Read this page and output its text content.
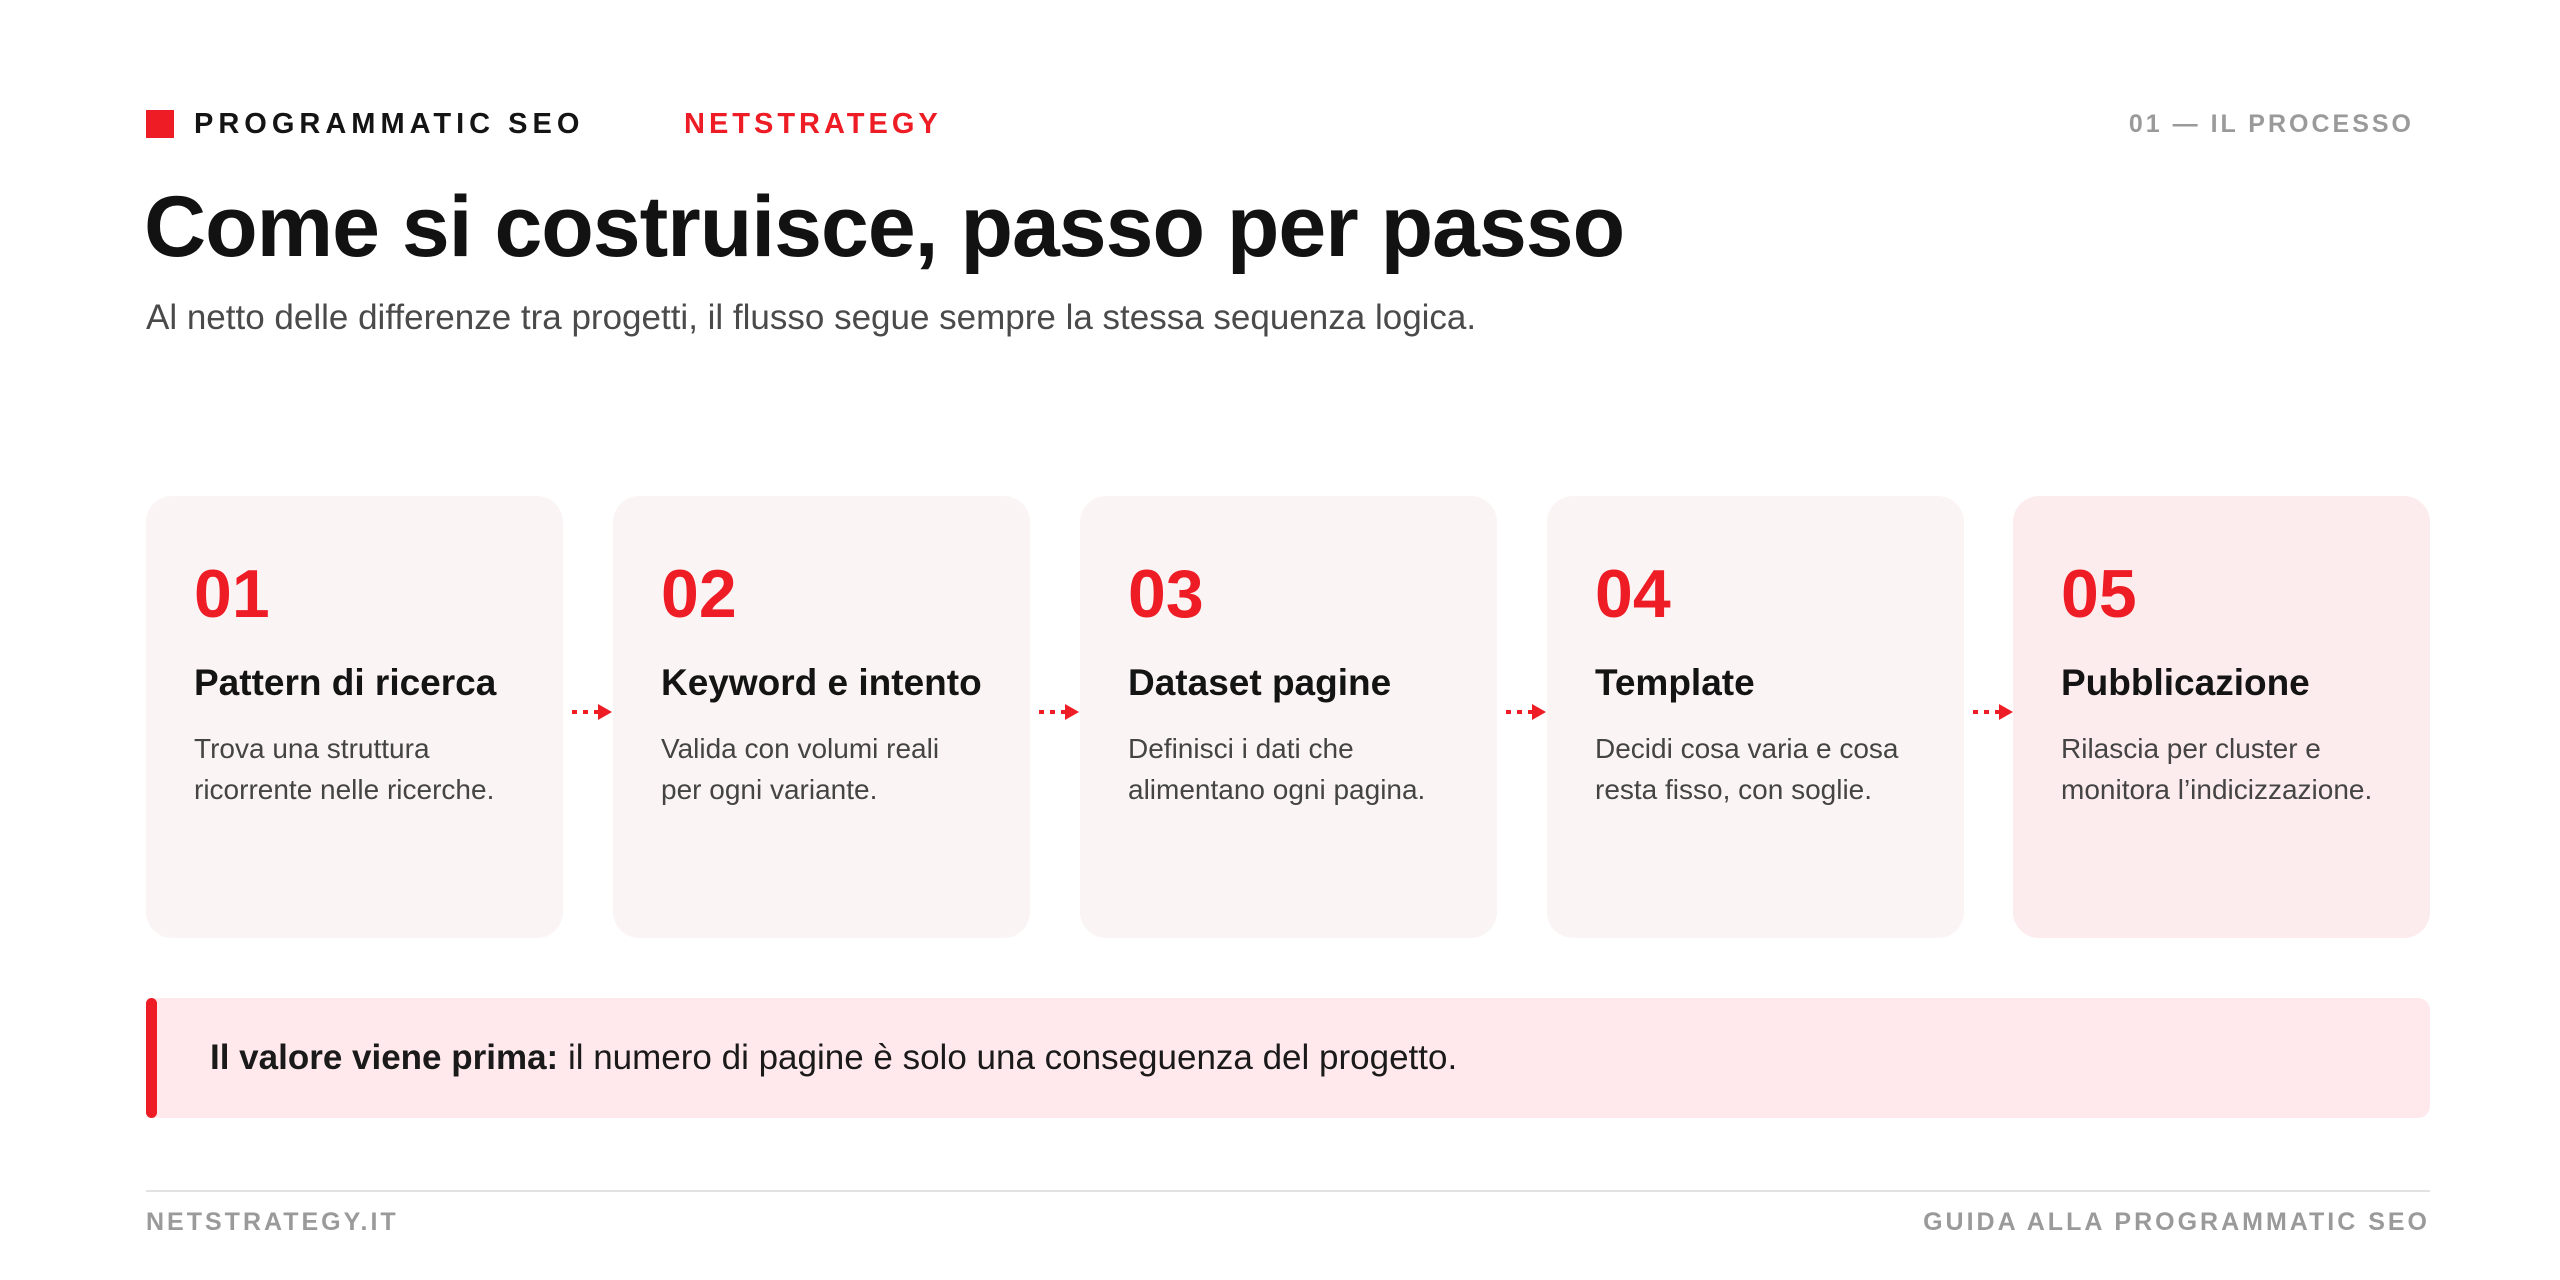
PROGRAMMATIC SEO	NETSTRATEGY	01 — IL PROCESSO
Come si costruisce, passo per passo

Al netto delle differenze tra progetti, il flusso segue sempre la stessa sequenza logica.

01
Pattern di ricerca
Trova una struttura
ricorrente nelle ricerche.
02
Keyword e intento
Valida con volumi reali
per ogni variante.
03
Dataset pagine
Definisci i dati che
alimentano ogni pagina.
04
Template
Decidi cosa varia e cosa
resta fisso, con soglie.
05
Pubblicazione
Rilascia per cluster e
monitora l’indicizzazione.
Il valore viene prima: il numero di pagine è solo una conseguenza del progetto.
NETSTRATEGY.IT	GUIDA ALLA PROGRAMMATIC SEO
